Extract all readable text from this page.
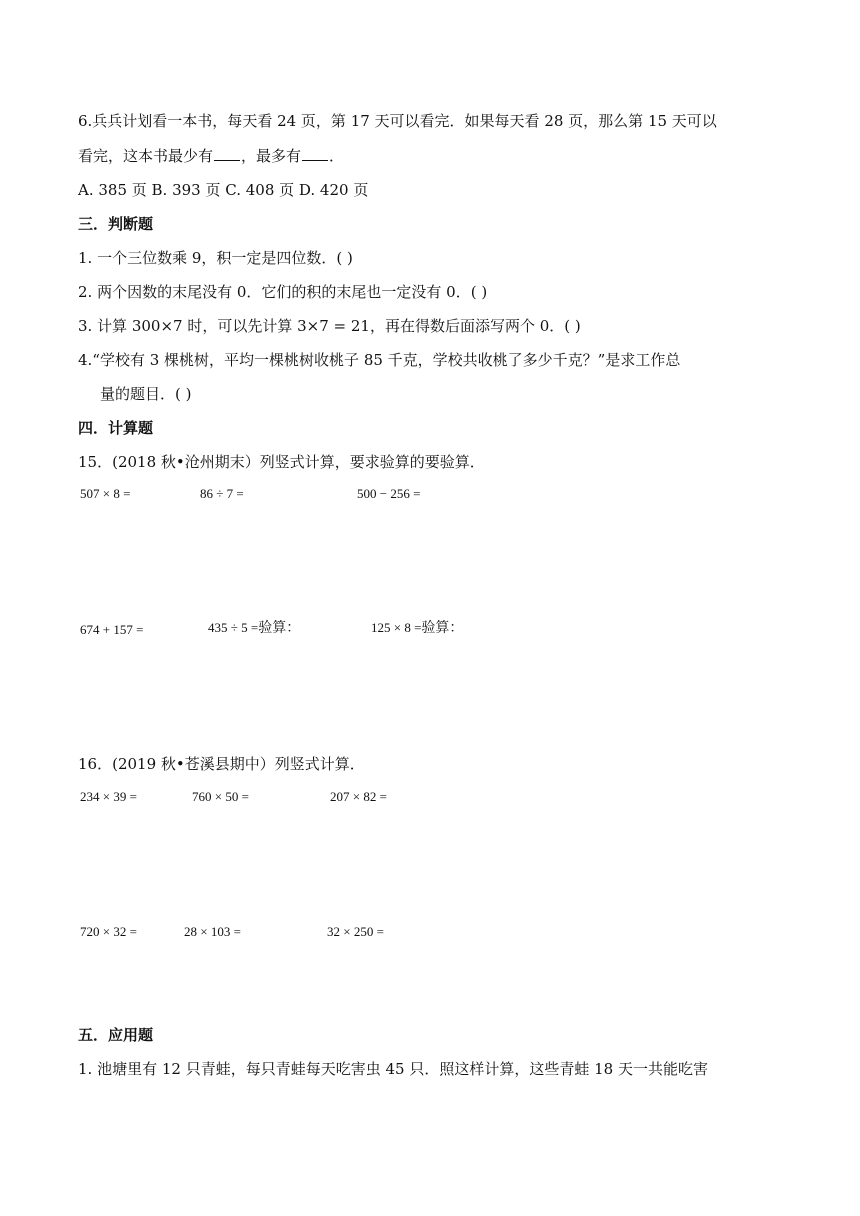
6.兵兵计划看一本书，每天看 24 页，第 17 天可以看完．如果每天看 28 页，那么第 15 天可以
看完，这本书最少有 ，最多有 ．
A. 385 页 B. 393 页 C. 408 页 D. 420 页
三．判断题
1. 一个三位数乘 9，积一定是四位数．( )
2. 两个因数的末尾没有 0．它们的积的末尾也一定没有 0．( )
3. 计算 300×7 时，可以先计算 3×7 = 21，再在得数后面添写两个 0．( )
4.“学校有 3 棵桃树，平均一棵桃树收桃子 85 千克，学校共收桃了多少千克？”是求工作总
量的题目．( )
四．计算题
15．(2018 秋•沧州期末）列竖式计算，要求验算的要验算．
507 × 8 =	86 ÷ 7 =	500 − 256 =
674 + 157 =	435 ÷ 5 =验算：	125 × 8 =验算：
16．(2019 秋•苍溪县期中）列竖式计算．
234 × 39 =	760 × 50 =	207 × 82 =
720 × 32 =	28 × 103 =	32 × 250 =
五．应用题
1. 池塘里有 12 只青蛙，每只青蛙每天吃害虫 45 只．照这样计算，这些青蛙 18 天一共能吃害
